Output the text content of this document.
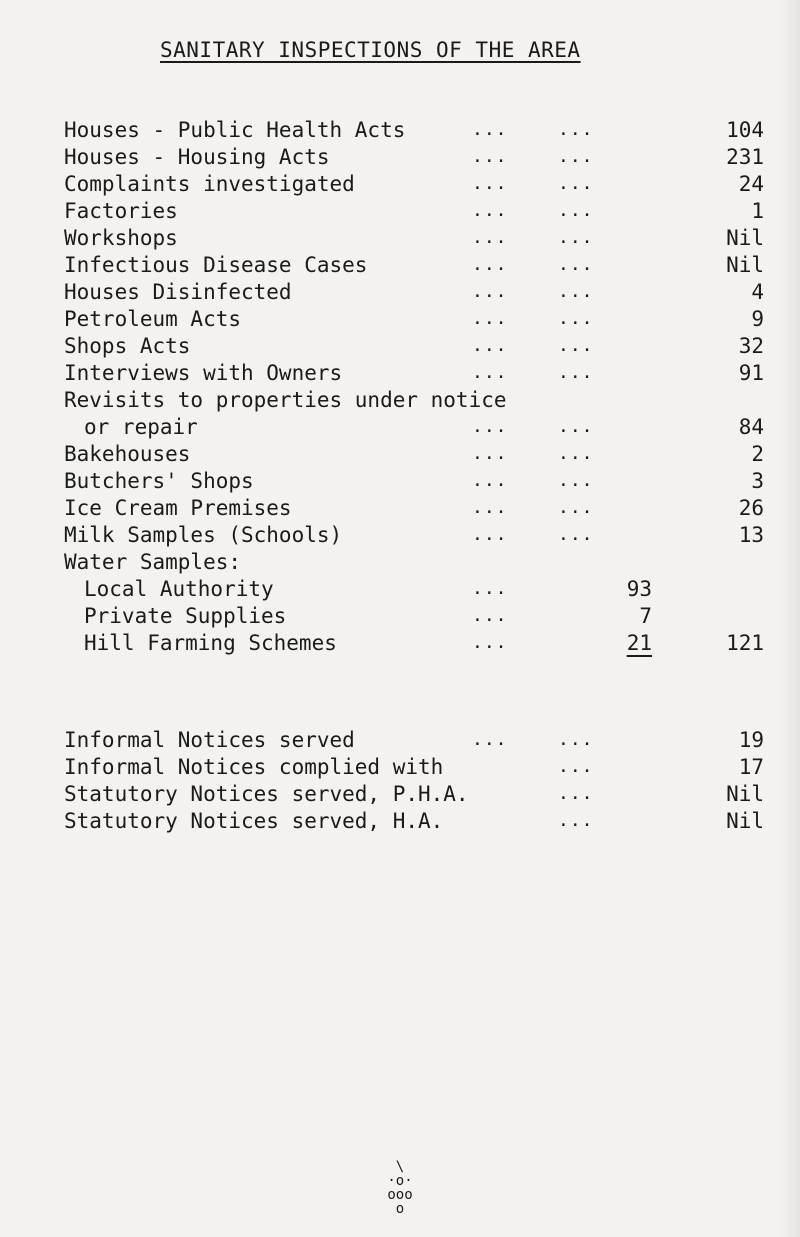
SANITARY INSPECTIONS OF THE AREA
Houses - Public Health Acts	...	...	104
Houses - Housing Acts	...	...	231
Complaints investigated	...	...	24
Factories	...	...	1
Workshops	...	...	Nil
Infectious Disease Cases	...	...	Nil
Houses Disinfected	...	...	4
Petroleum Acts	...	...	9
Shops Acts	...	...	32
Interviews with Owners	...	...	91
Revisits to properties under notice
or repair	...	...	84
Bakehouses	...	...	2
Butchers' Shops	...	...	3
Ice Cream Premises	...	...	26
Milk Samples (Schools)	...	...	13
Water Samples:
Local Authority	...	93
Private Supplies	...	7
Hill Farming Schemes	...	21	121
Informal Notices served	...	...	19
Informal Notices complied with	...	17
Statutory Notices served, P.H.A.	...	Nil
Statutory Notices served, H.A.	...	Nil
\
·o·
ooo
o
